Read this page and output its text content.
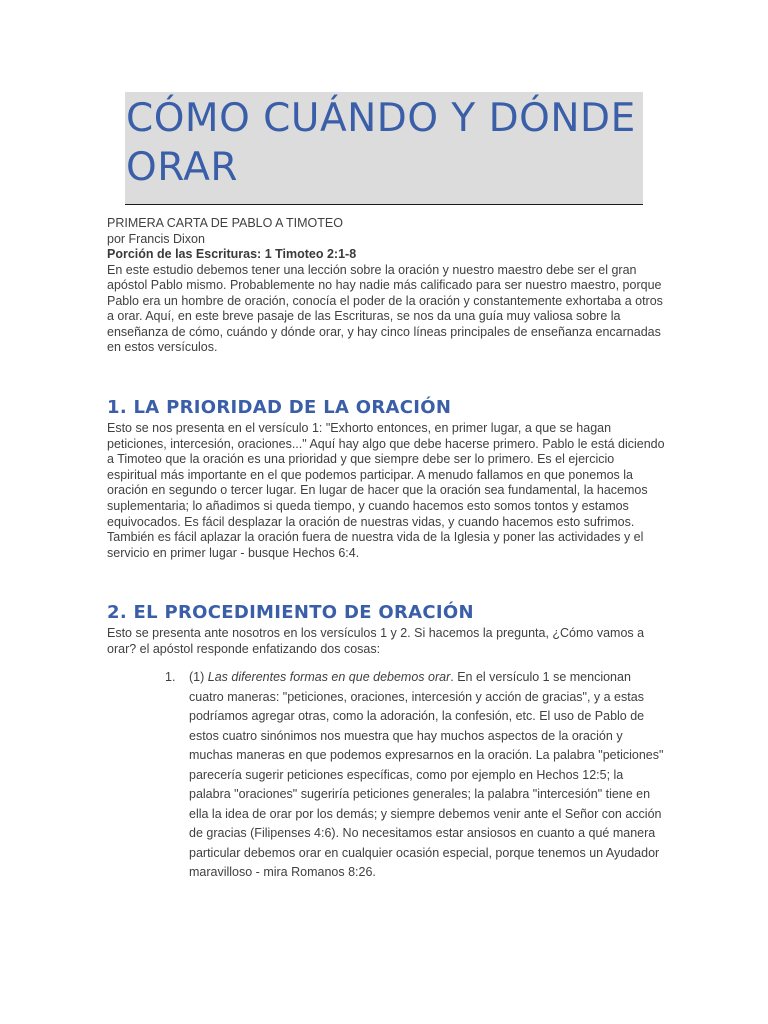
CÓMO CUÁNDO Y DÓNDE ORAR

PRIMERA CARTA DE PABLO A TIMOTEO

por Francis Dixon

Porción de las Escrituras: 1 Timoteo 2:1-8

En este estudio debemos tener una lección sobre la oración y nuestro maestro debe ser el gran apóstol Pablo mismo. Probablemente no hay nadie más calificado para ser nuestro maestro, porque Pablo era un hombre de oración, conocía el poder de la oración y constantemente exhortaba a otros a orar. Aquí, en este breve pasaje de las Escrituras, se nos da una guía muy valiosa sobre la enseñanza de cómo, cuándo y dónde orar, y hay cinco líneas principales de enseñanza encarnadas en estos versículos.

1. LA PRIORIDAD DE LA ORACIÓN

Esto se nos presenta en el versículo 1: "Exhorto entonces, en primer lugar, a que se hagan peticiones, intercesión, oraciones..." Aquí hay algo que debe hacerse primero. Pablo le está diciendo a Timoteo que la oración es una prioridad y que siempre debe ser lo primero. Es el ejercicio espiritual más importante en el que podemos participar. A menudo fallamos en que ponemos la oración en segundo o tercer lugar. En lugar de hacer que la oración sea fundamental, la hacemos suplementaria; lo añadimos si queda tiempo, y cuando hacemos esto somos tontos y estamos equivocados. Es fácil desplazar la oración de nuestras vidas, y cuando hacemos esto sufrimos. También es fácil aplazar la oración fuera de nuestra vida de la Iglesia y poner las actividades y el servicio en primer lugar - busque Hechos 6:4.

2. EL PROCEDIMIENTO DE ORACIÓN

Esto se presenta ante nosotros en los versículos 1 y 2. Si hacemos la pregunta, ¿Cómo vamos a orar? el apóstol responde enfatizando dos cosas:

1. (1) Las diferentes formas en que debemos orar. En el versículo 1 se mencionan cuatro maneras: "peticiones, oraciones, intercesión y acción de gracias", y a estas podríamos agregar otras, como la adoración, la confesión, etc. El uso de Pablo de estos cuatro sinónimos nos muestra que hay muchos aspectos de la oración y muchas maneras en que podemos expresarnos en la oración. La palabra "peticiones" parecería sugerir peticiones específicas, como por ejemplo en Hechos 12:5; la palabra "oraciones" sugeriría peticiones generales; la palabra "intercesión" tiene en ella la idea de orar por los demás; y siempre debemos venir ante el Señor con acción de gracias (Filipenses 4:6). No necesitamos estar ansiosos en cuanto a qué manera particular debemos orar en cualquier ocasión especial, porque tenemos un Ayudador maravilloso - mira Romanos 8:26.
